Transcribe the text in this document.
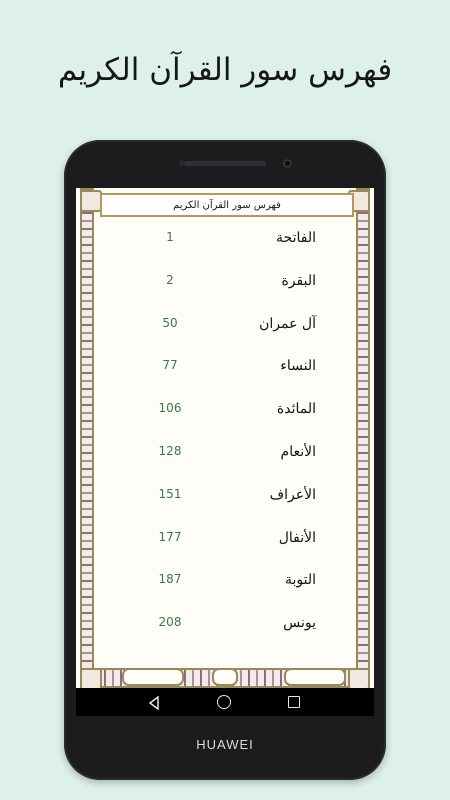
فهرس سور القرآن الكريم
فهرس سور القرآن الكريم
الفاتحة
1
البقرة
2
آل عمران
50
النساء
77
المائدة
106
الأنعام
128
الأعراف
151
الأنفال
177
التوبة
187
يونس
208
HUAWEI
